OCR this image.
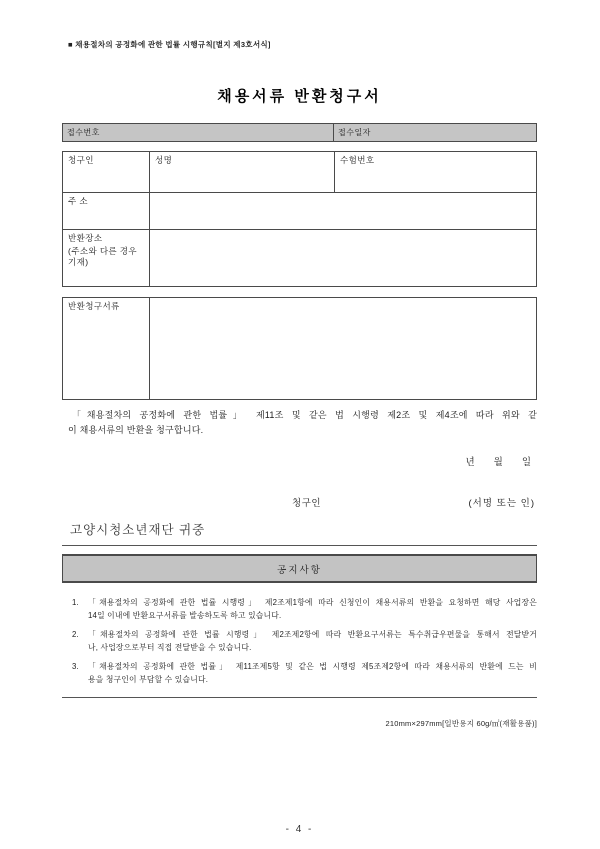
■ 채용절차의 공정화에 관한 법률 시행규칙[별지 제3호서식]
채용서류 반환청구서
접수번호	접수일자
청구인	성명	수험번호
주 소
반환장소
(주소와 다른 경우 기재)
반환청구서류
「채용절차의 공정화에 관한 법률」 제11조 및 같은 법 시행령 제2조 및 제4조에 따라 위와 같
이 채용서류의 반환을 청구합니다.
년 월 일
청구인	(서명 또는 인)
고양시청소년재단 귀중
공지사항
1.	「채용절차의 공정화에 관한 법률 시행령」 제2조제1항에 따라 신청인이 채용서류의 반환을 요청하면 해당 사업장은
14일 이내에 반환요구서류를 발송하도록 하고 있습니다.
2.	「채용절차의 공정화에 관한 법률 시행령」 제2조제2항에 따라 반환요구서류는 특수취급우편물을 통해서 전달받거
나, 사업장으로부터 직접 전달받을 수 있습니다.
3.	「채용절차의 공정화에 관한 법률」 제11조제5항 및 같은 법 시행령 제5조제2항에 따라 채용서류의 반환에 드는 비
용을 청구인이 부담할 수 있습니다.
210mm×297mm[일반용지 60g/㎡(재활용품)]
- 4 -
